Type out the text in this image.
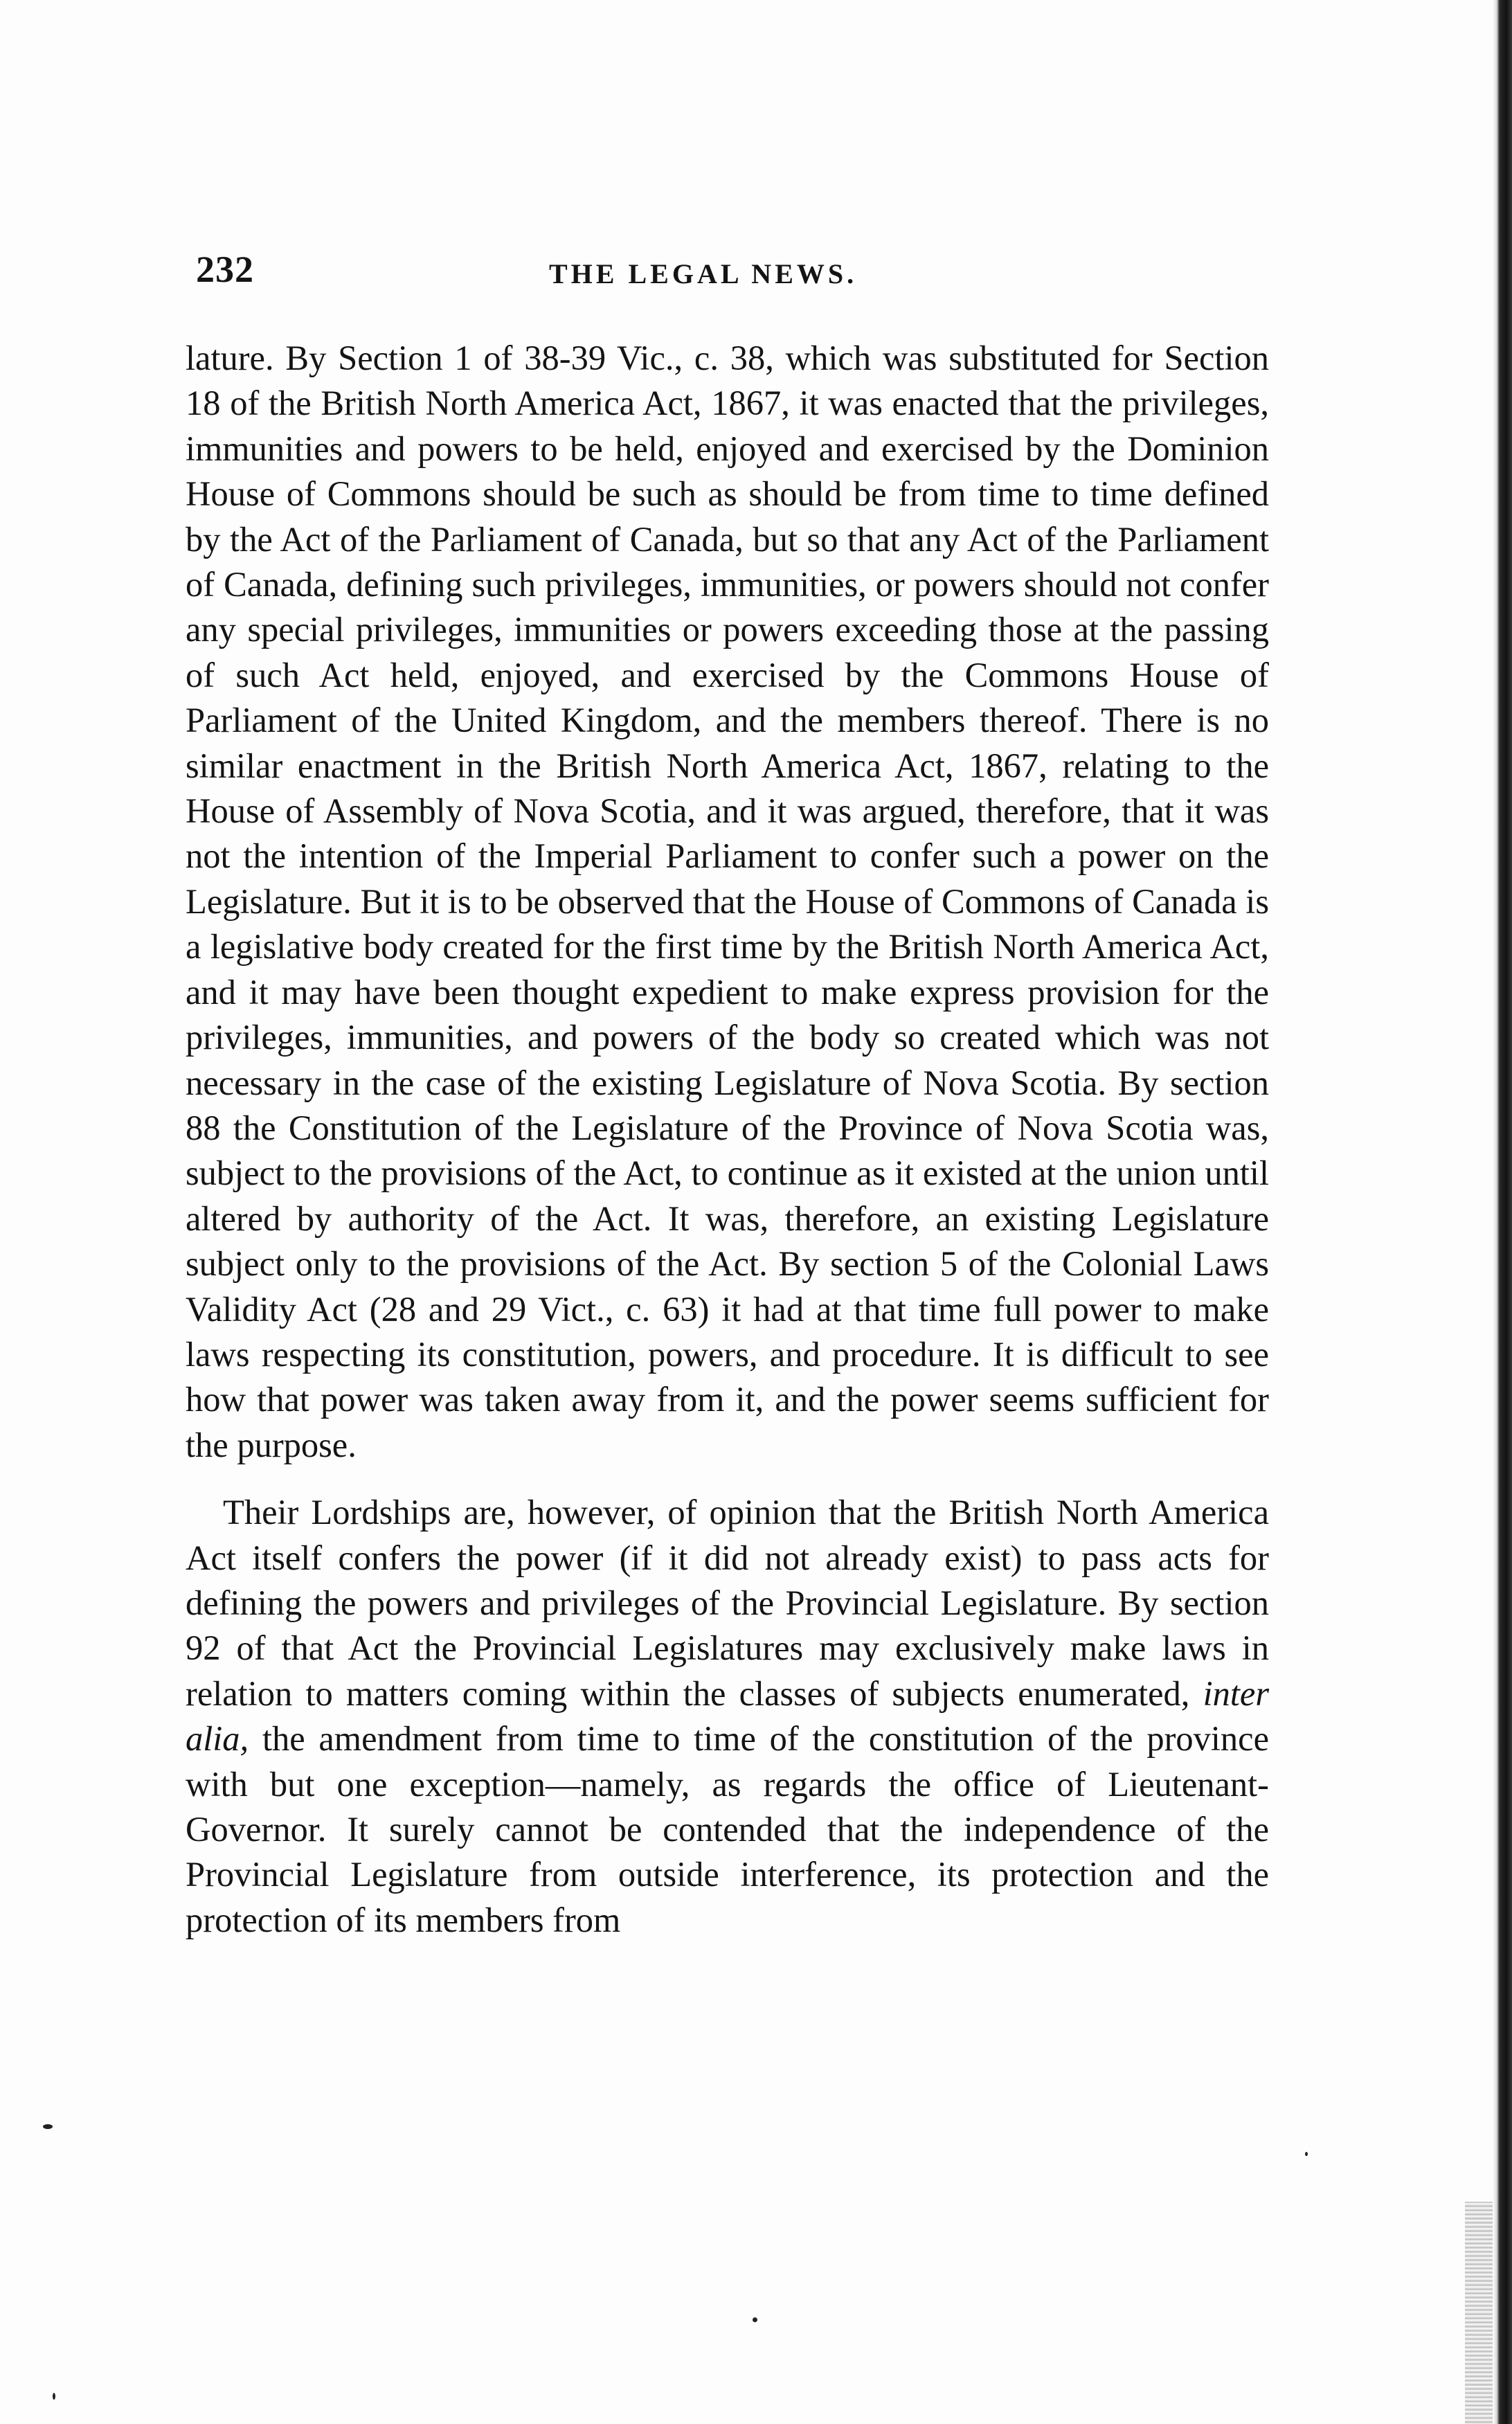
232	THE LEGAL NEWS.

lature. By Section 1 of 38-39 Vic., c. 38, which was substituted for Section 18 of the British North America Act, 1867, it was enacted that the privileges, immunities and powers to be held, enjoyed and exercised by the Dominion House of Commons should be such as should be from time to time defined by the Act of the Parliament of Canada, but so that any Act of the Parliament of Canada, defining such privileges, immunities, or powers should not confer any special privileges, immunities or powers exceeding those at the passing of such Act held, enjoyed, and exercised by the Commons House of Parliament of the United Kingdom, and the members thereof. There is no similar enactment in the British North America Act, 1867, relating to the House of Assembly of Nova Scotia, and it was argued, therefore, that it was not the intention of the Imperial Parliament to confer such a power on the Legislature. But it is to be observed that the House of Commons of Canada is a legislative body created for the first time by the British North America Act, and it may have been thought expedient to make express provision for the privileges, immunities, and powers of the body so created which was not necessary in the case of the existing Legislature of Nova Scotia. By section 88 the Constitution of the Legislature of the Province of Nova Scotia was, subject to the provisions of the Act, to continue as it existed at the union until altered by authority of the Act. It was, therefore, an existing Legislature subject only to the provisions of the Act. By section 5 of the Colonial Laws Validity Act (28 and 29 Vict., c. 63) it had at that time full power to make laws respecting its constitution, powers, and procedure. It is difficult to see how that power was taken away from it, and the power seems sufficient for the purpose.

Their Lordships are, however, of opinion that the British North America Act itself confers the power (if it did not already exist) to pass acts for defining the powers and privileges of the Provincial Legislature. By section 92 of that Act the Provincial Legislatures may exclusively make laws in relation to matters coming within the classes of subjects enumerated, inter alia, the amendment from time to time of the constitution of the province with but one exception—namely, as regards the office of Lieutenant-Governor. It surely cannot be contended that the independence of the Provincial Legislature from outside interference, its protection and the protection of its members from
